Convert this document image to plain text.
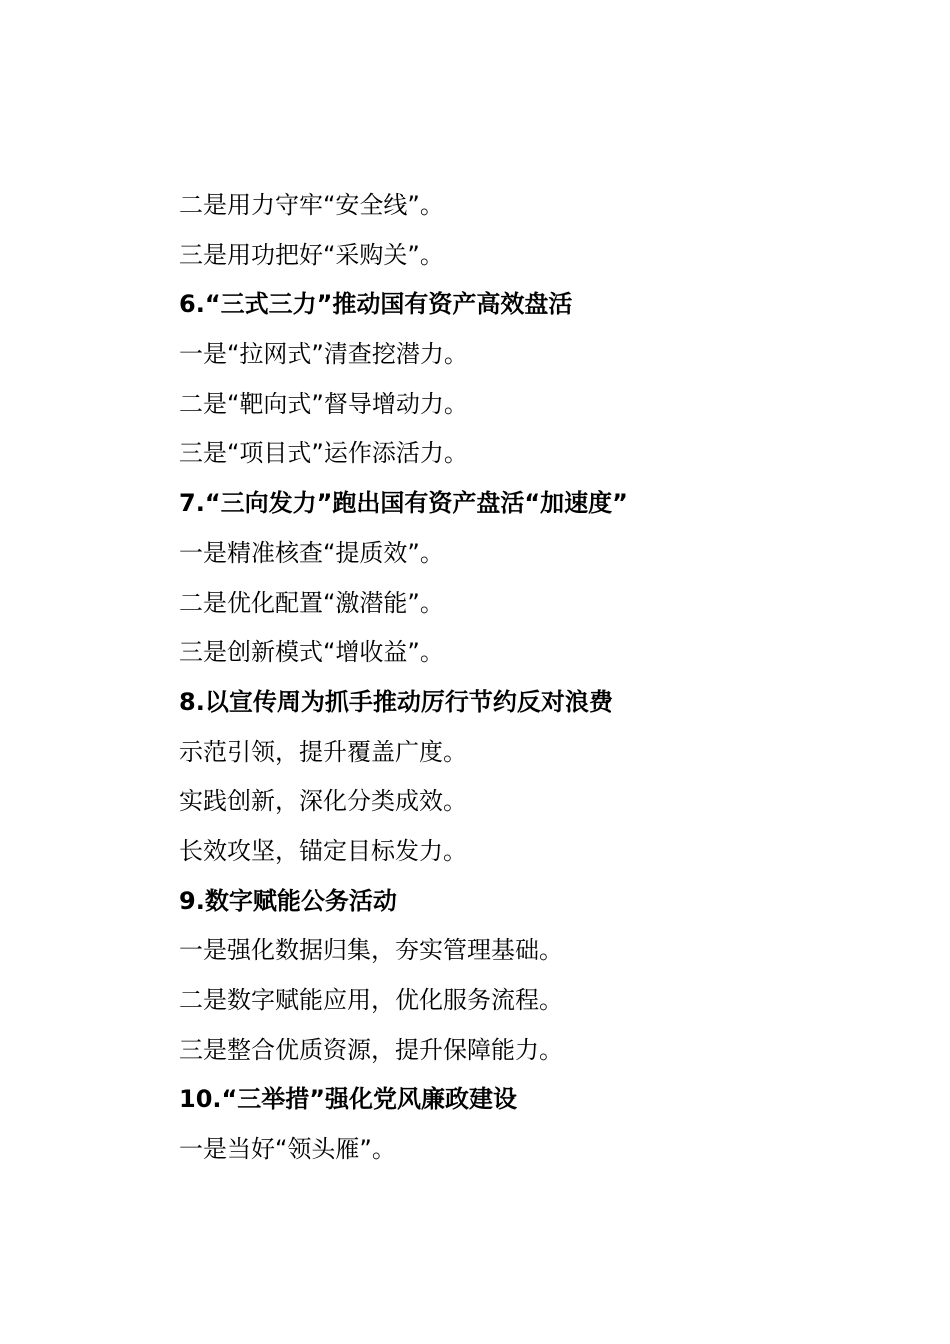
二是用力守牢“安全线”。
三是用功把好“采购关”。
6.“三式三力”推动国有资产高效盘活
一是“拉网式”清查挖潜力。
二是“靶向式”督导增动力。
三是“项目式”运作添活力。
7.“三向发力”跑出国有资产盘活“加速度”
一是精准核查“提质效”。
二是优化配置“激潜能”。
三是创新模式“增收益”。
8.以宣传周为抓手推动厉行节约反对浪费
示范引领，提升覆盖广度。
实践创新，深化分类成效。
长效攻坚，锚定目标发力。
9.数字赋能公务活动
一是强化数据归集，夯实管理基础。
二是数字赋能应用，优化服务流程。
三是整合优质资源，提升保障能力。
10.“三举措”强化党风廉政建设
一是当好“领头雁”。
